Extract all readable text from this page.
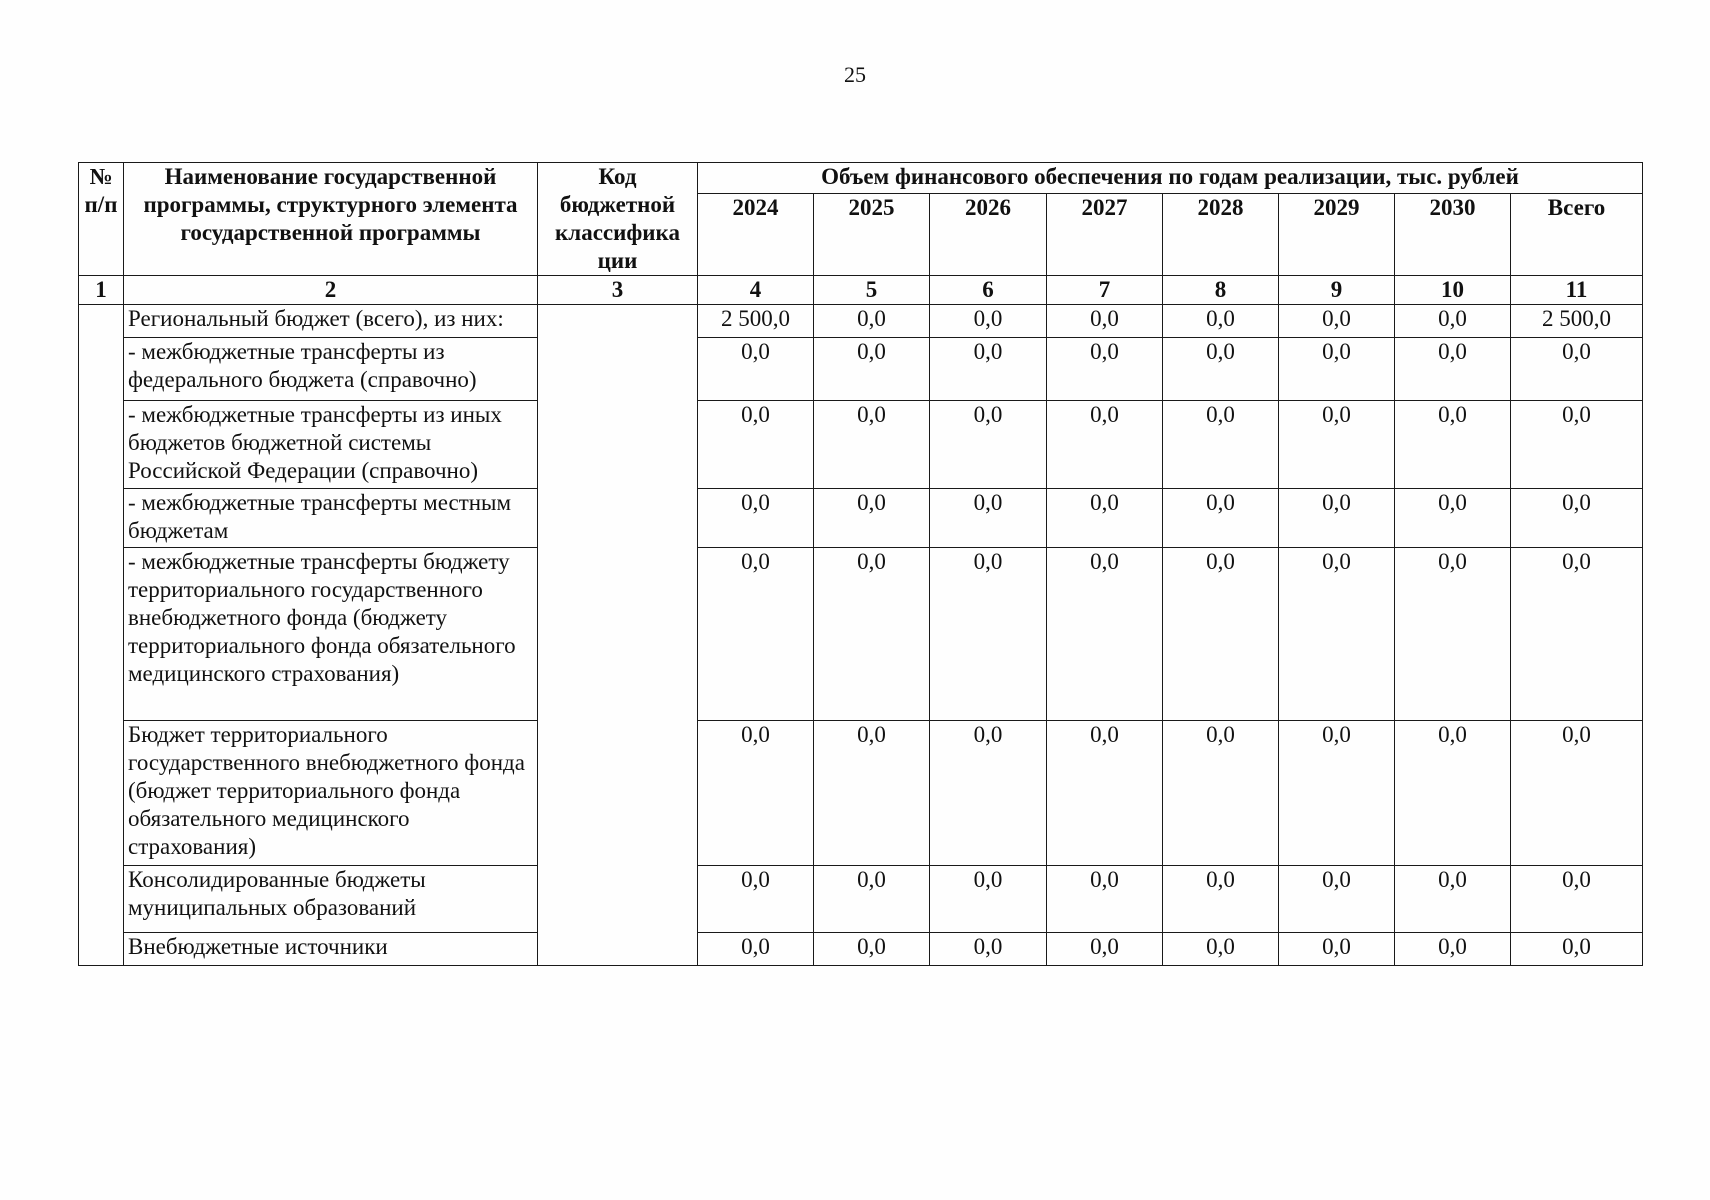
25
№ п/п	Наименование государственной программы, структурного элемента государственной программы	Код бюджетной классифика ции	Объем финансового обеспечения по годам реализации, тыс. рублей							
			2024	2025	2026	2027	2028	2029	2030	Всего
1	2	3	4	5	6	7	8	9	10	11
	Региональный бюджет (всего), из них:		2 500,0	0,0	0,0	0,0	0,0	0,0	0,0	2 500,0
	- межбюджетные трансферты из федерального бюджета (справочно)		0,0	0,0	0,0	0,0	0,0	0,0	0,0	0,0
	- межбюджетные трансферты из иных бюджетов бюджетной системы Российской Федерации (справочно)		0,0	0,0	0,0	0,0	0,0	0,0	0,0	0,0
	- межбюджетные трансферты местным бюджетам		0,0	0,0	0,0	0,0	0,0	0,0	0,0	0,0
	- межбюджетные трансферты бюджету территориального государственного внебюджетного фонда (бюджету территориального фонда обязательного медицинского страхования)		0,0	0,0	0,0	0,0	0,0	0,0	0,0	0,0
	Бюджет территориального государственного внебюджетного фонда (бюджет территориального фонда обязательного медицинского страхования)		0,0	0,0	0,0	0,0	0,0	0,0	0,0	0,0
	Консолидированные бюджеты муниципальных образований		0,0	0,0	0,0	0,0	0,0	0,0	0,0	0,0
	Внебюджетные источники		0,0	0,0	0,0	0,0	0,0	0,0	0,0	0,0
